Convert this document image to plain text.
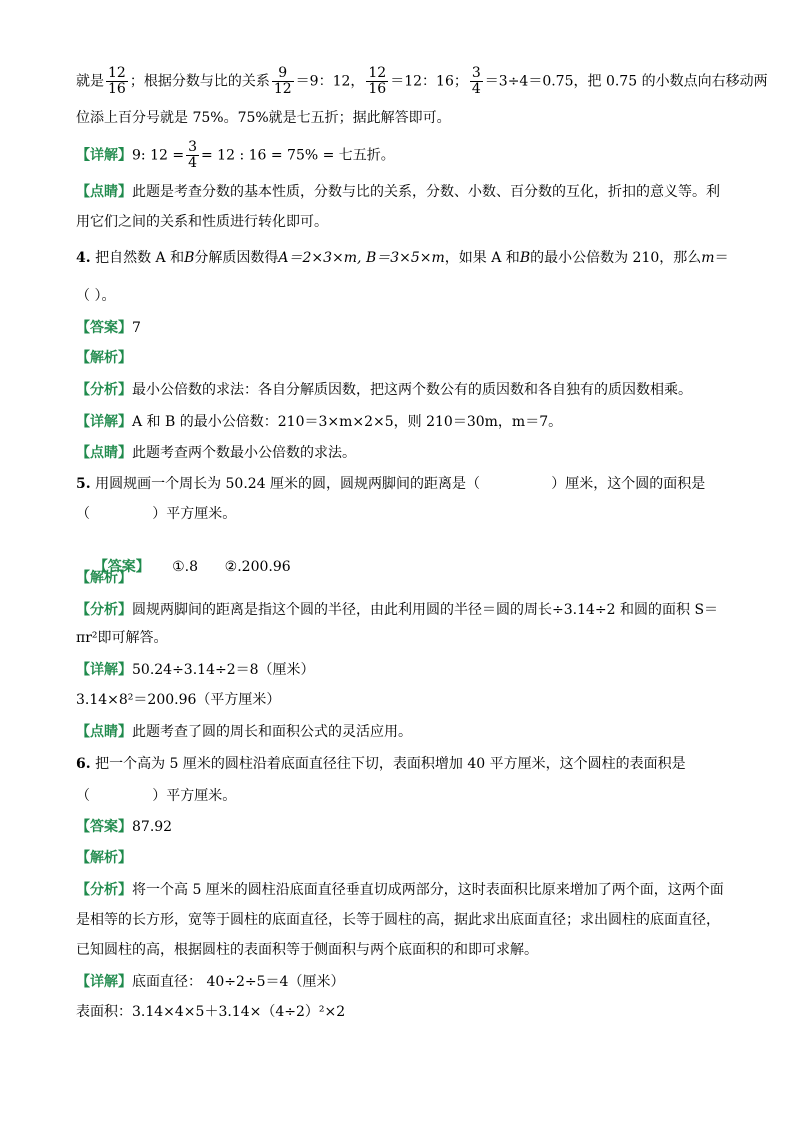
就是 $\frac{12}{16}$ ；根据分数与比的关系 $\frac{9}{12} =9$：12， $\frac{12}{16} =12$：16； $\frac{3}{4} =3\div 4=0.75$，把 0.75 的小数点向右移动两
位添上百分号就是 75%。75%就是七五折；据此解答即可。
【详解】9: $12 = \frac{3}{4} = 12$ : 16 = 75% = 七五折。
【点睛】此题是考查分数的基本性质，分数与比的关系，分数、小数、百分数的互化，折扣的意义等。利
用它们之间的关系和性质进行转化即可。
4. 把自然数 A 和B分解质因数得A＝2×3×m, B＝3×5×m，如果 A 和B的最小公倍数为 210，那么m＝
（ ）。
【答案】7
【解析】
【分析】最小公倍数的求法：各自分解质因数，把这两个数公有的质因数和各自独有的质因数相乘。
【详解】A 和 B 的最小公倍数：210＝3×m×2×5，则 210＝30m，m＝7。
【点睛】此题考查两个数最小公倍数的求法。
5. 用圆规画一个周长为 50.24 厘米的圆，圆规两脚间的距离是（                ）厘米，这个圆的面积是
（              ）平方厘米。

【答案】     ①.8      ②.200.96

【解析】
【分析】圆规两脚间的距离是指这个圆的半径，由此利用圆的半径＝圆的周长÷3.14÷2 和圆的面积 S＝
πr²即可解答。
【详解】50.24÷3.14÷2＝8（厘米）
3.14×8²＝200.96（平方厘米）
【点睛】此题考查了圆的周长和面积公式的灵活应用。
6. 把一个高为 5 厘米的圆柱沿着底面直径往下切，表面积增加 40 平方厘米，这个圆柱的表面积是
（              ）平方厘米。
【答案】87.92
【解析】
【分析】将一个高 5 厘米的圆柱沿底面直径垂直切成两部分，这时表面积比原来增加了两个面，这两个面
是相等的长方形，宽等于圆柱的底面直径，长等于圆柱的高，据此求出底面直径；求出圆柱的底面直径，
已知圆柱的高，根据圆柱的表面积等于侧面积与两个底面积的和即可求解。
【详解】底面直径： 40÷2÷5＝4（厘米）
表面积：3.14×4×5＋3.14×（4÷2）²×2
